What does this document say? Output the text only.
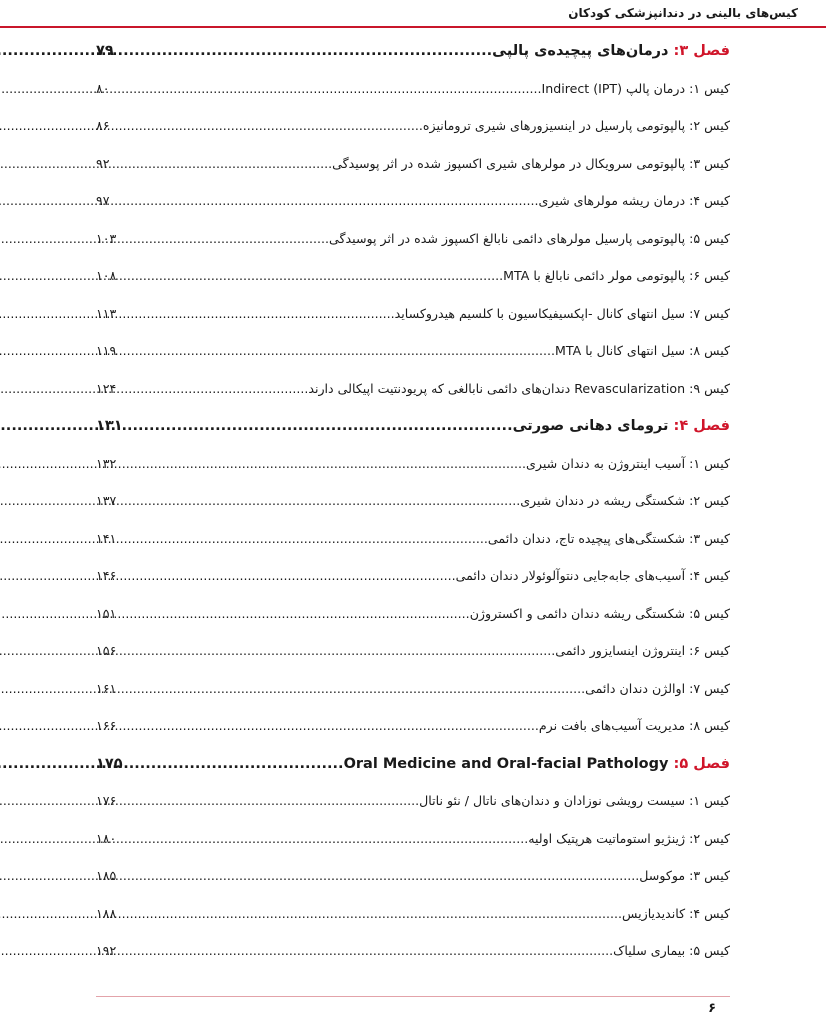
کیس‌های بالینی در دندانپزشکی کودکان
فصل ۳: درمان‌های پیچیده‌ی پالپی
.....
۷۹
کیس ۱: درمان پالپ Indirect (IPT)
.....
۸۰
کیس ۲: پالپوتومی پارسیل در اینسیزورهای شیری ترومانیزه
.....
۸۶
کیس ۳: پالپوتومی سرویکال در مولرهای شیری اکسپوز شده در اثر پوسیدگی
.....
۹۲
کیس ۴: درمان ریشه مولرهای شیری
.....
۹۷
کیس ۵: پالپوتومی پارسیل مولرهای دائمی نابالغ اکسپوز شده در اثر پوسیدگی
.....
۱۰۳
کیس ۶: پالپوتومی مولر دائمی نابالغ با MTA
.....
۱۰۸
کیس ۷: سیل انتهای کانال -اپکسیفیکاسیون با کلسیم هیدروکساید
.....
۱۱۳
کیس ۸: سیل انتهای کانال با MTA
.....
۱۱۹
کیس ۹: Revascularization دندان‌های دائمی نابالغی که پریودنتیت اپیکالی دارند
.....
۱۲۴
فصل ۴: ترومای دهانی صورتی
.....
۱۳۱
کیس ۱: آسیب اینتروژن به دندان شیری
.....
۱۳۲
کیس ۲: شکستگی ریشه در دندان شیری
.....
۱۳۷
کیس ۳: شکستگی‌های پیچیده تاج، دندان دائمی
.....
۱۴۱
کیس ۴: آسیب‌های جابه‌جایی دنتوآلوئولار دندان دائمی
.....
۱۴۶
کیس ۵: شکستگی ریشه دندان دائمی و اکستروژن
.....
۱۵۱
کیس ۶: اینتروژن اینسایزور دائمی
.....
۱۵۶
کیس ۷: اوالژن دندان دائمی
.....
۱۶۱
کیس ۸: مدیریت آسیب‌های بافت نرم
.....
۱۶۶
فصل ۵: Oral Medicine and Oral-facial Pathology
.....
۱۷۵
کیس ۱: سیست رویشی نوزادان و دندان‌های ناتال / نئو ناتال
.....
۱۷۶
کیس ۲: ژینژیو استوماتیت هرپتیک اولیه
.....
۱۸۰
کیس ۳: موکوسل
.....
۱۸۵
کیس ۴: کاندیدیازیس
.....
۱۸۸
کیس ۵: بیماری سلیاک
.....
۱۹۲
۶
